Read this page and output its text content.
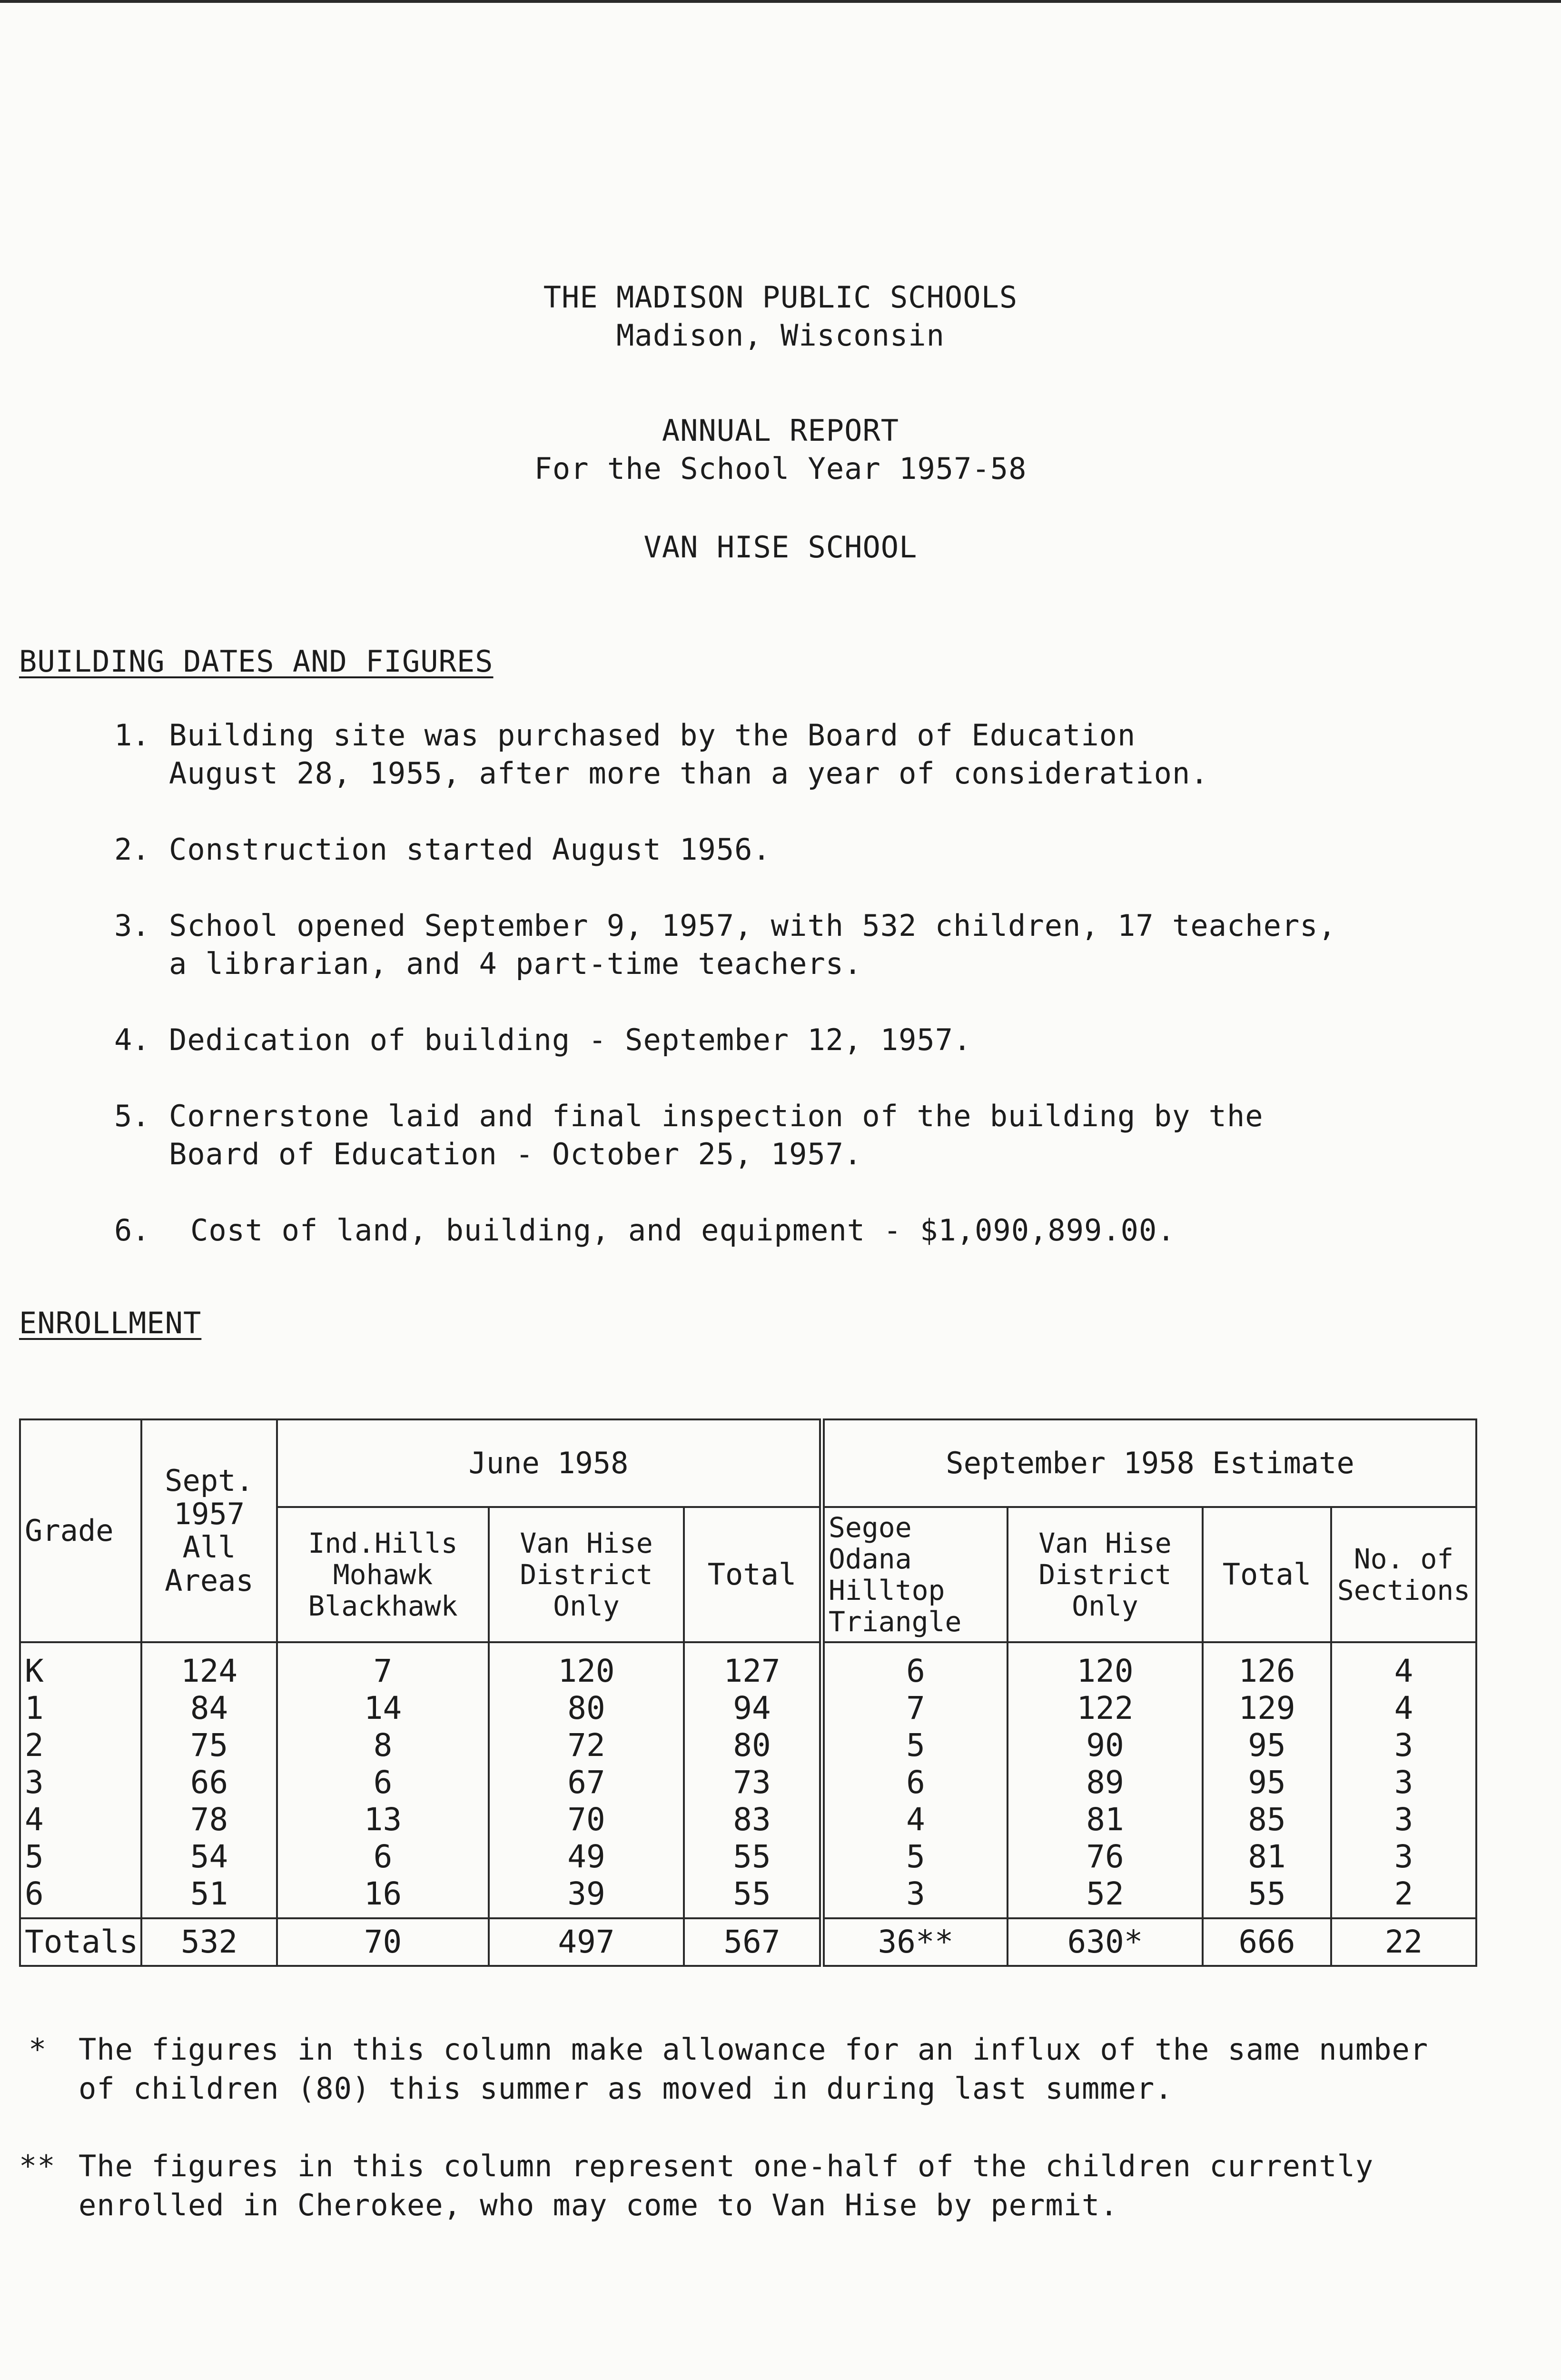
THE MADISON PUBLIC SCHOOLS
Madison, Wisconsin
ANNUAL REPORT
For the School Year 1957-58
VAN HISE SCHOOL
BUILDING DATES AND FIGURES
1. Building site was purchased by the Board of Education
August 28, 1955, after more than a year of consideration.
2. Construction started August 1956.
3. School opened September 9, 1957, with 532 children, 17 teachers,
a librarian, and 4 part-time teachers.
4. Dedication of building - September 12, 1957.
5. Cornerstone laid and final inspection of the building by the
Board of Education - October 25, 1957.
6. Cost of land, building, and equipment - $1,090,899.00.
ENROLLMENT
Grade	Sept. 1957 All Areas	June 1958			September 1958 Estimate			
		Ind.Hills Mohawk Blackhawk	Van Hise District Only	Total	Segoe Odana Hilltop Triangle	Van Hise District Only	Total	No. of Sections
K	124	7	120	127	6	120	126	4
1	84	14	80	94	7	122	129	4
2	75	8	72	80	5	90	95	3
3	66	6	67	73	6	89	95	3
4	78	13	70	83	4	81	85	3
5	54	6	49	55	5	76	81	3
6	51	16	39	55	3	52	55	2
Totals	532	70	497	567	36**	630*	666	22
* The figures in this column make allowance for an influx of the same number
of children (80) this summer as moved in during last summer.
** The figures in this column represent one-half of the children currently
enrolled in Cherokee, who may come to Van Hise by permit.
